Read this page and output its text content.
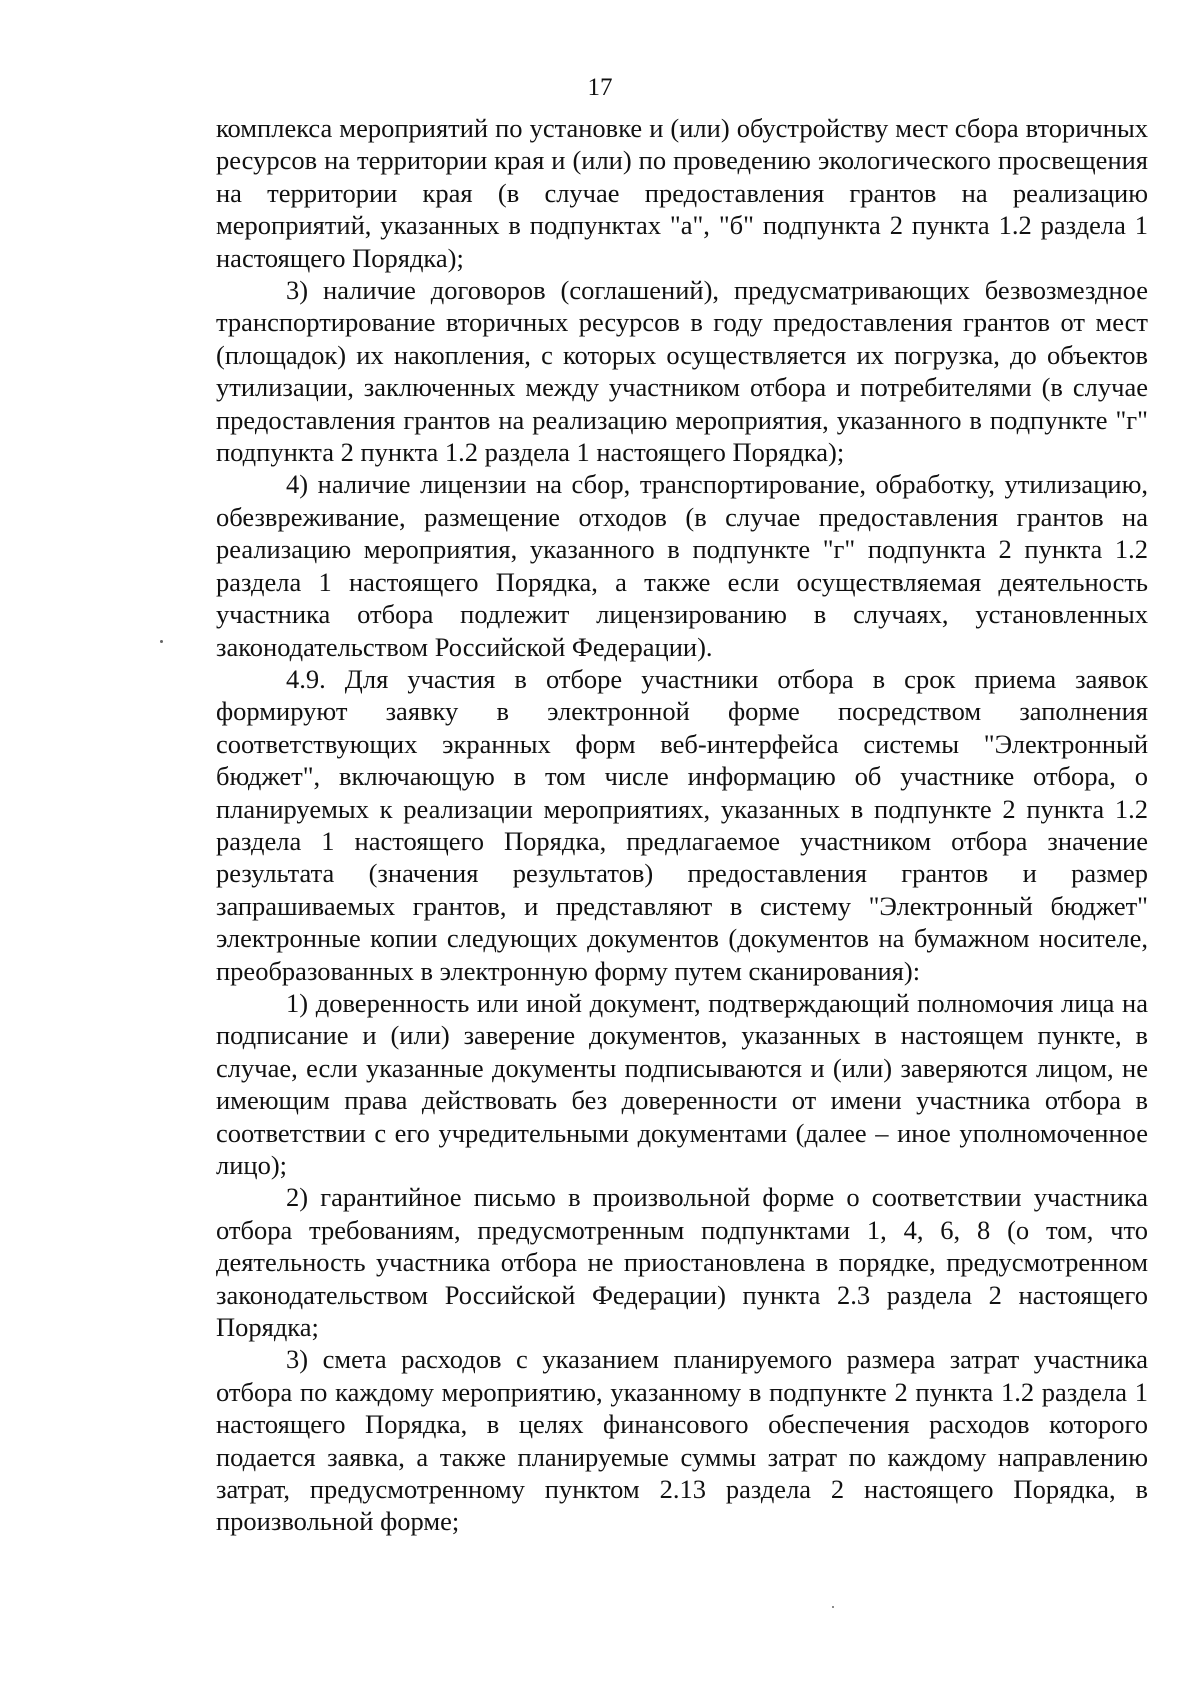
17

комплекса мероприятий по установке и (или) обустройству мест сбора вторичных ресурсов на территории края и (или) по проведению экологического просвещения на территории края (в случае предоставления грантов на реализацию мероприятий, указанных в подпунктах "а", "б" подпункта 2 пункта 1.2 раздела 1 настоящего Порядка);

3) наличие договоров (соглашений), предусматривающих безвозмездное транспортирование вторичных ресурсов в году предоставления грантов от мест (площадок) их накопления, с которых осуществляется их погрузка, до объектов утилизации, заключенных между участником отбора и потребителями (в случае предоставления грантов на реализацию мероприятия, указанного в подпункте "г" подпункта 2 пункта 1.2 раздела 1 настоящего Порядка);

4) наличие лицензии на сбор, транспортирование, обработку, утилизацию, обезвреживание, размещение отходов (в случае предоставления грантов на реализацию мероприятия, указанного в подпункте "г" подпункта 2 пункта 1.2 раздела 1 настоящего Порядка, а также если осуществляемая деятельность участника отбора подлежит лицензированию в случаях, установленных законодательством Российской Федерации).

4.9. Для участия в отборе участники отбора в срок приема заявок формируют заявку в электронной форме посредством заполнения соответствующих экранных форм веб-интерфейса системы "Электронный бюджет", включающую в том числе информацию об участнике отбора, о планируемых к реализации мероприятиях, указанных в подпункте 2 пункта 1.2 раздела 1 настоящего Порядка, предлагаемое участником отбора значение результата (значения результатов) предоставления грантов и размер запрашиваемых грантов, и представляют в систему "Электронный бюджет" электронные копии следующих документов (документов на бумажном носителе, преобразованных в электронную форму путем сканирования):

1) доверенность или иной документ, подтверждающий полномочия лица на подписание и (или) заверение документов, указанных в настоящем пункте, в случае, если указанные документы подписываются и (или) заверяются лицом, не имеющим права действовать без доверенности от имени участника отбора в соответствии с его учредительными документами (далее – иное уполномоченное лицо);

2) гарантийное письмо в произвольной форме о соответствии участника отбора требованиям, предусмотренным подпунктами 1, 4, 6, 8 (о том, что деятельность участника отбора не приостановлена в порядке, предусмотренном законодательством Российской Федерации) пункта 2.3 раздела 2 настоящего Порядка;

3) смета расходов с указанием планируемого размера затрат участника отбора по каждому мероприятию, указанному в подпункте 2 пункта 1.2 раздела 1 настоящего Порядка, в целях финансового обеспечения расходов которого подается заявка, а также планируемые суммы затрат по каждому направлению затрат, предусмотренному пунктом 2.13 раздела 2 настоящего Порядка, в произвольной форме;
